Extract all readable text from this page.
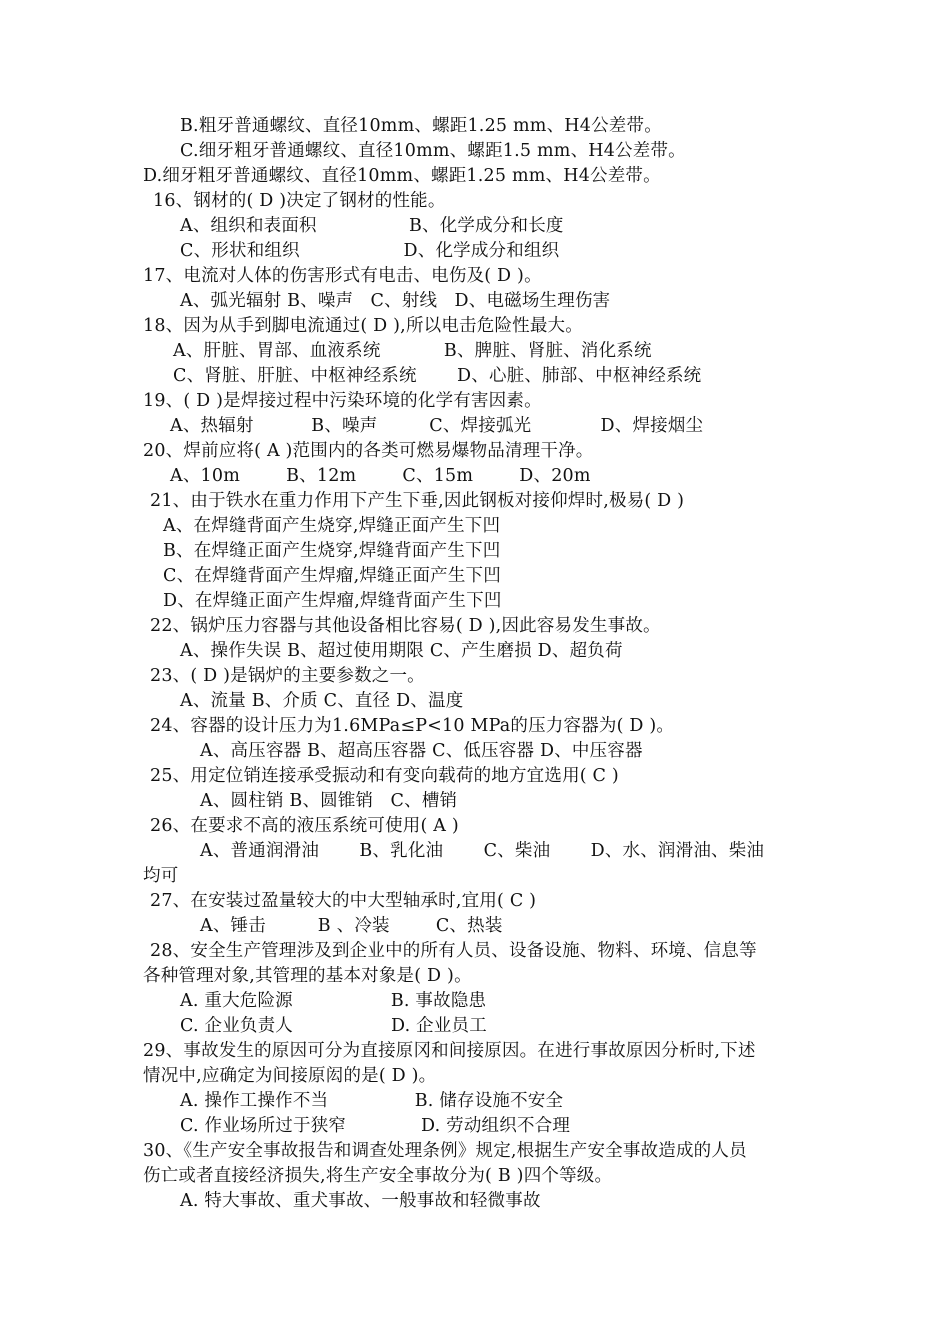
B.粗牙普通螺纹、直径10mm、螺距1.25 mm、H4公差带。
C.细牙粗牙普通螺纹、直径10mm、螺距1.5 mm、H4公差带。
D.细牙粗牙普通螺纹、直径10mm、螺距1.25 mm、H4公差带。
16、钢材的( D )决定了钢材的性能。
A、组织和表面积                B、化学成分和长度
C、形状和组织                  D、化学成分和组织
17、电流对人体的伤害形式有电击、电伤及( D )。
A、弧光辐射 B、噪声   C、射线   D、电磁场生理伤害
18、因为从手到脚电流通过( D ),所以电击危险性最大。
A、肝脏、胃部、血液系统           B、脾脏、肾脏、消化系统
C、肾脏、肝脏、中枢神经系统       D、心脏、肺部、中枢神经系统
19、( D )是焊接过程中污染环境的化学有害因素。
A、热辐射          B、噪声         C、焊接弧光            D、焊接烟尘
20、焊前应将( A )范围内的各类可燃易爆物品清理干净。
A、10m        B、12m        C、15m        D、20m
21、由于铁水在重力作用下产生下垂,因此钢板对接仰焊时,极易( D )
A、在焊缝背面产生烧穿,焊缝正面产生下凹
B、在焊缝正面产生烧穿,焊缝背面产生下凹
C、在焊缝背面产生焊瘤,焊缝正面产生下凹
D、在焊缝正面产生焊瘤,焊缝背面产生下凹
22、锅炉压力容器与其他设备相比容易( D ),因此容易发生事故。
A、操作失误 B、超过使用期限 C、产生磨损 D、超负荷
23、( D )是锅炉的主要参数之一。
A、流量 B、介质 C、直径 D、温度
24、容器的设计压力为1.6MPa≤P<10 MPa的压力容器为( D )。
A、高压容器 B、超高压容器 C、低压容器 D、中压容器
25、用定位销连接承受振动和有变向载荷的地方宜选用( C )
A、圆柱销 B、圆锥销   C、槽销
26、在要求不高的液压系统可使用( A )
A、普通润滑油       B、乳化油       C、柴油       D、水、润滑油、柴油
均可
27、在安装过盈量较大的中大型轴承时,宜用( C )
A、锤击         B 、冷装        C、热装
28、安全生产管理涉及到企业中的所有人员、设备设施、物料、环境、信息等
各种管理对象,其管理的基本对象是( D )。
A. 重大危险源                 B. 事故隐患
C. 企业负责人                 D. 企业员工
29、事故发生的原因可分为直接原冈和间接原因。在进行事故原因分析时,下述
情况中,应确定为间接原闳的是( D )。
A. 操作工操作不当               B. 储存设施不安全
C. 作业场所过于狭窄             D. 劳动组织不合理
30、《生产安全事故报告和调查处理条例》规定,根据生产安全事故造成的人员
伤亡或者直接经济损失,将生产安全事故分为( B )四个等级。
A. 特大事故、重犬事故、一般事故和轻微事故
